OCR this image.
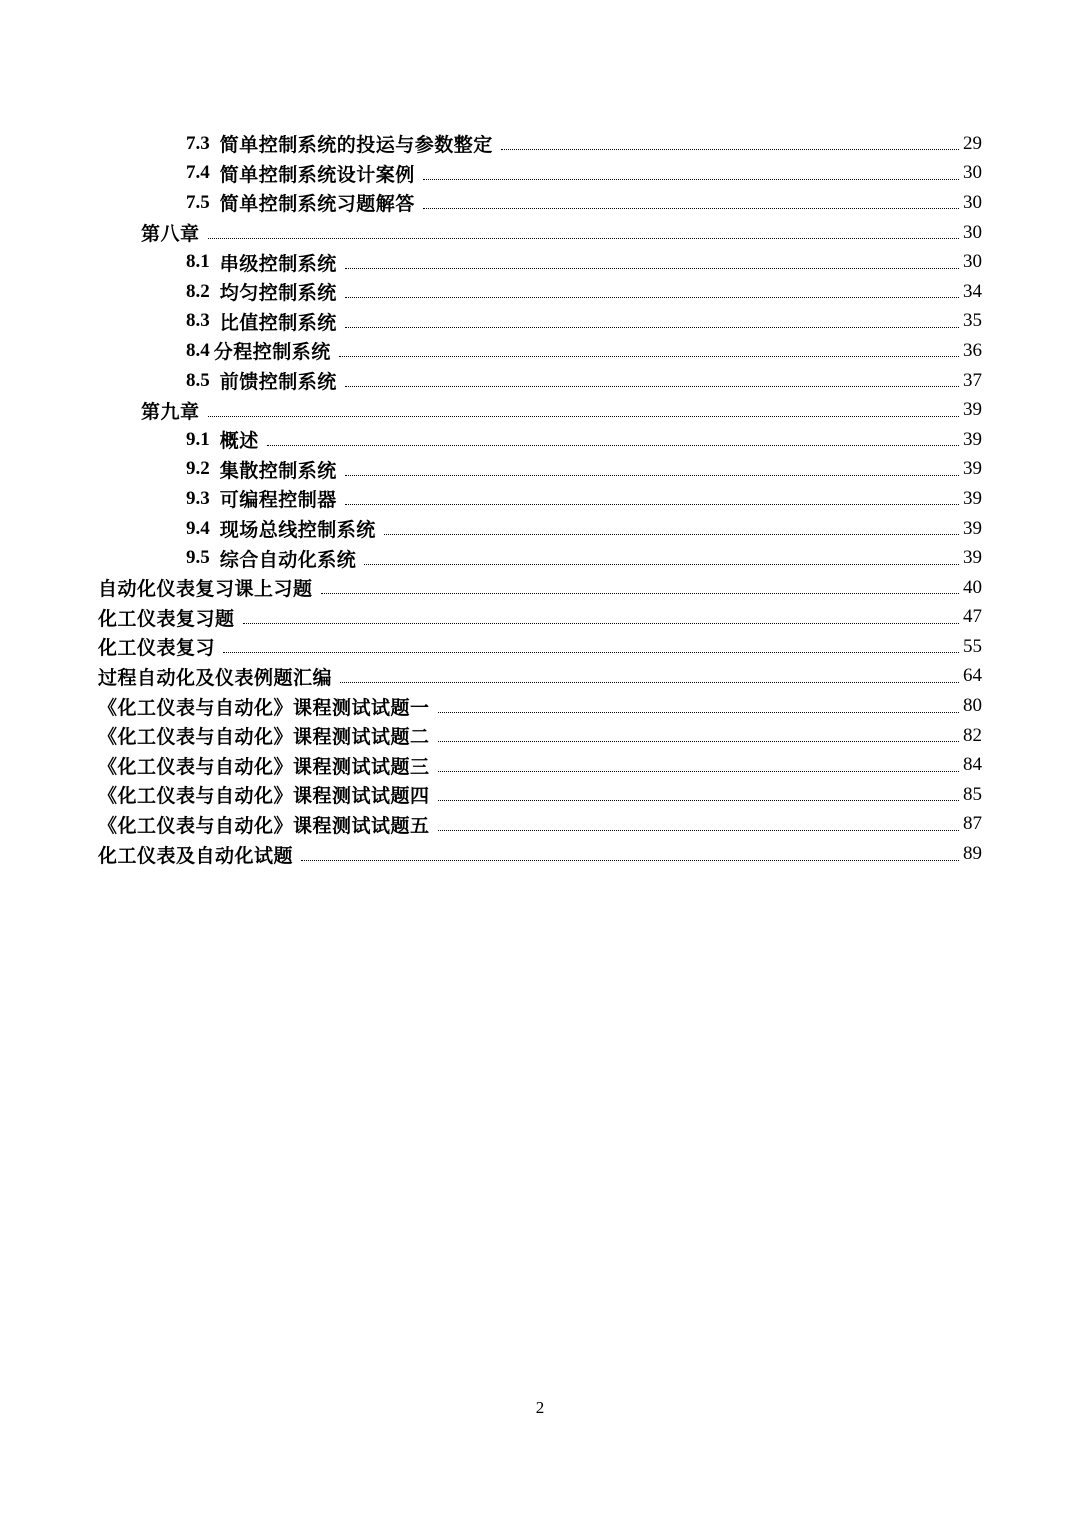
7.3 简单控制系统的投运与参数整定	29
7.4 简单控制系统设计案例	30
7.5 简单控制系统习题解答	30
第八章	30
8.1 串级控制系统	30
8.2 均匀控制系统	34
8.3 比值控制系统	35
8.4 分程控制系统	36
8.5 前馈控制系统	37
第九章	39
9.1 概述	39
9.2 集散控制系统	39
9.3 可编程控制器	39
9.4 现场总线控制系统	39
9.5 综合自动化系统	39
自动化仪表复习课上习题	40
化工仪表复习题	47
化工仪表复习	55
过程自动化及仪表例题汇编	64
《化工仪表与自动化》课程测试试题一	80
《化工仪表与自动化》课程测试试题二	82
《化工仪表与自动化》课程测试试题三	84
《化工仪表与自动化》课程测试试题四	85
《化工仪表与自动化》课程测试试题五	87
化工仪表及自动化试题	89
2
